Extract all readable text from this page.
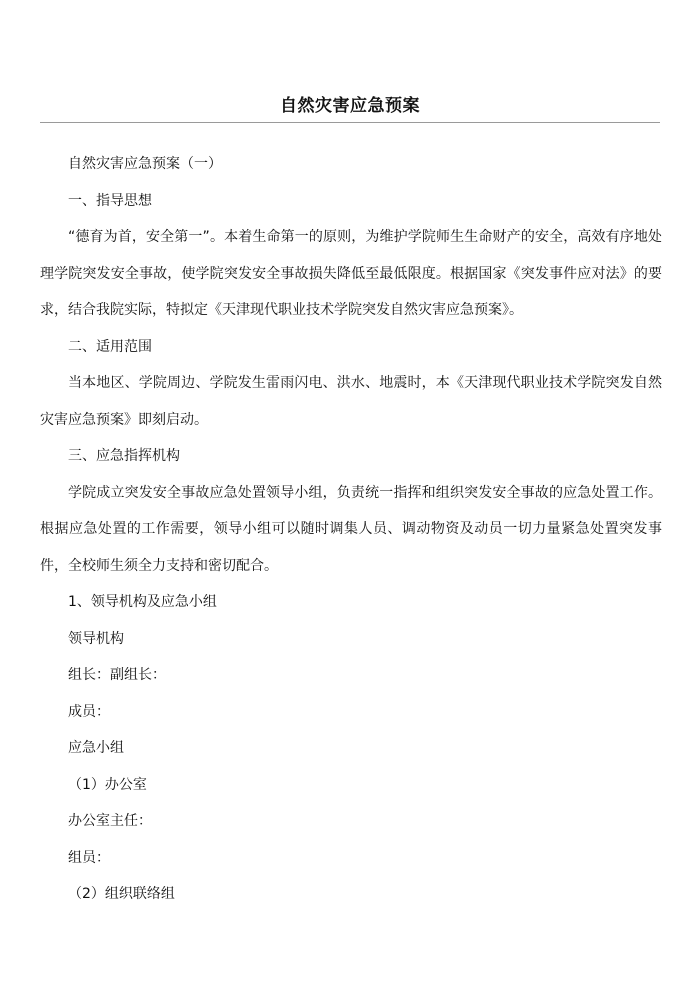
自然灾害应急预案

自然灾害应急预案（一）

一、指导思想

“德育为首，安全第一”。本着生命第一的原则，为维护学院师生生命财产的安全，高效有序地处理学院突发安全事故，使学院突发安全事故损失降低至最低限度。根据国家《突发事件应对法》的要求，结合我院实际，特拟定《天津现代职业技术学院突发自然灾害应急预案》。

二、适用范围

当本地区、学院周边、学院发生雷雨闪电、洪水、地震时，本《天津现代职业技术学院突发自然灾害应急预案》即刻启动。

三、应急指挥机构

学院成立突发安全事故应急处置领导小组，负责统一指挥和组织突发安全事故的应急处置工作。根据应急处置的工作需要，领导小组可以随时调集人员、调动物资及动员一切力量紧急处置突发事件，全校师生须全力支持和密切配合。

1、领导机构及应急小组

领导机构

组长：副组长：

成员：

应急小组

（1）办公室

办公室主任：

组员：

（2）组织联络组
